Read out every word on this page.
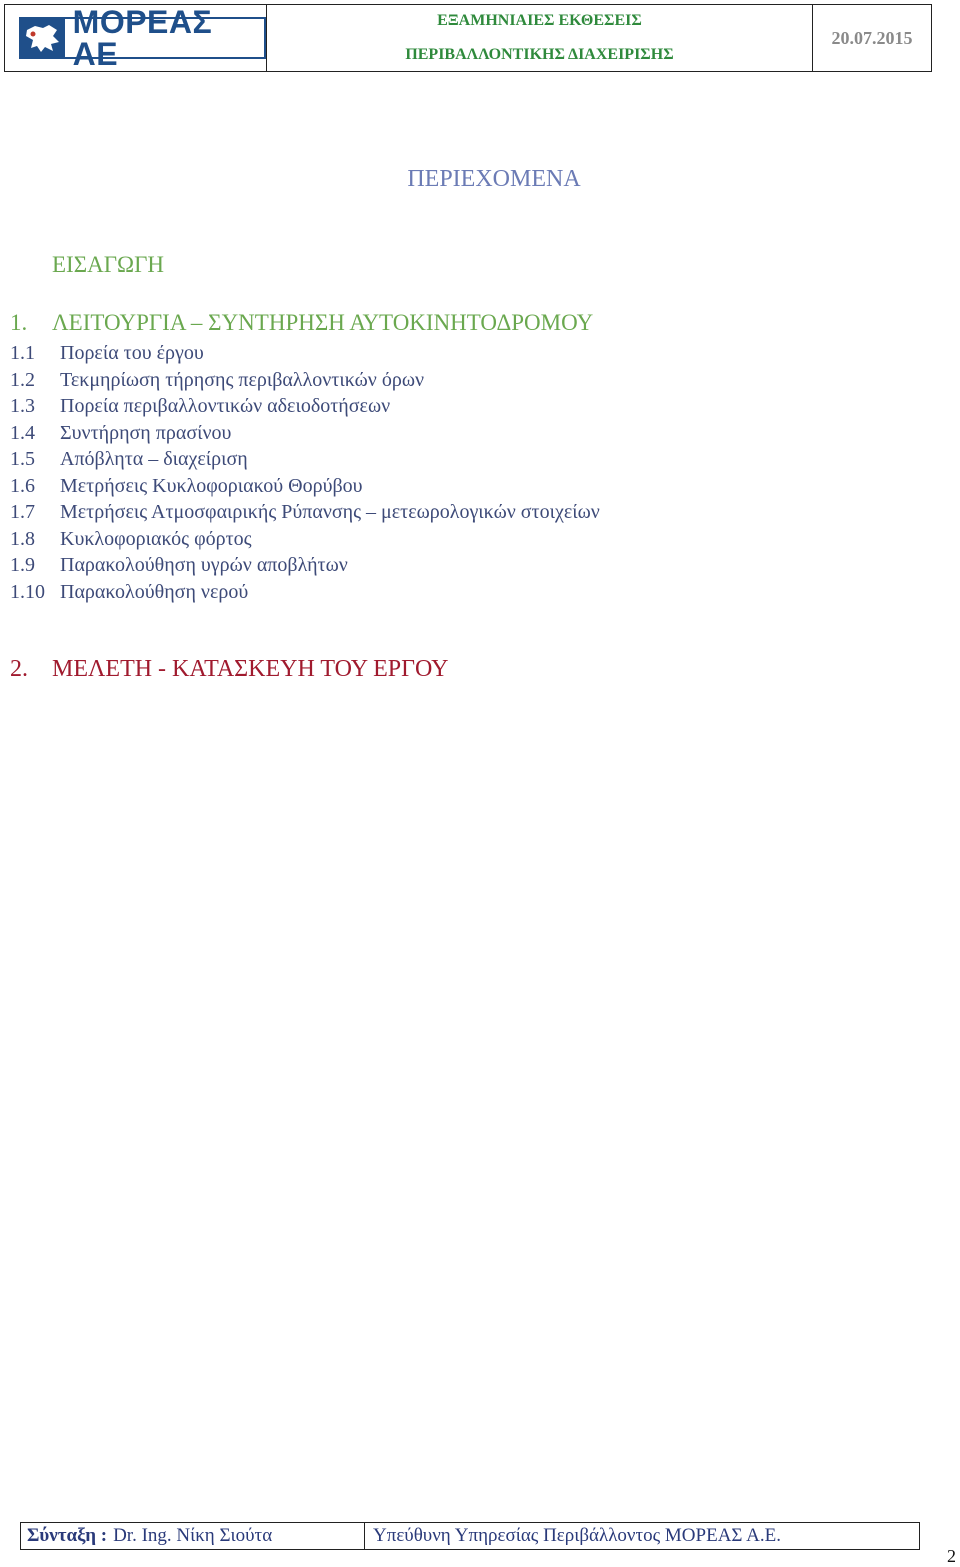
ΜΟΡΕΑΣ ΑΕ
ΕΞΑΜΗΝΙΑΙΕΣ ΕΚΘΕΣΕΙΣ
ΠΕΡΙΒΑΛΛΟΝΤΙΚΗΣ ΔΙΑΧΕΙΡΙΣΗΣ
20.07.2015
ΠΕΡΙΕΧΟΜΕΝΑ
ΕΙΣΑΓΩΓΗ
1.	ΛΕΙΤΟΥΡΓΙΑ – ΣΥΝΤΗΡΗΣΗ ΑΥΤΟΚΙΝΗΤΟΔΡΟΜΟΥ
1.1	Πορεία του έργου
1.2	Τεκμηρίωση τήρησης περιβαλλοντικών όρων
1.3	Πορεία περιβαλλοντικών αδειοδοτήσεων
1.4	Συντήρηση πρασίνου
1.5	Απόβλητα – διαχείριση
1.6	Μετρήσεις Κυκλοφοριακού Θορύβου
1.7	Μετρήσεις Ατμοσφαιρικής Ρύπανσης – μετεωρολογικών στοιχείων
1.8	Κυκλοφοριακός φόρτος
1.9	Παρακολούθηση υγρών αποβλήτων
1.10 Παρακολούθηση νερού
2.	ΜΕΛΕΤΗ - ΚΑΤΑΣΚΕΥΗ ΤΟΥ ΕΡΓΟΥ
Σύνταξη : Dr. Ing. Νίκη Σιούτα	Υπεύθυνη Υπηρεσίας Περιβάλλοντος ΜΟΡΕΑΣ Α.Ε.
2
